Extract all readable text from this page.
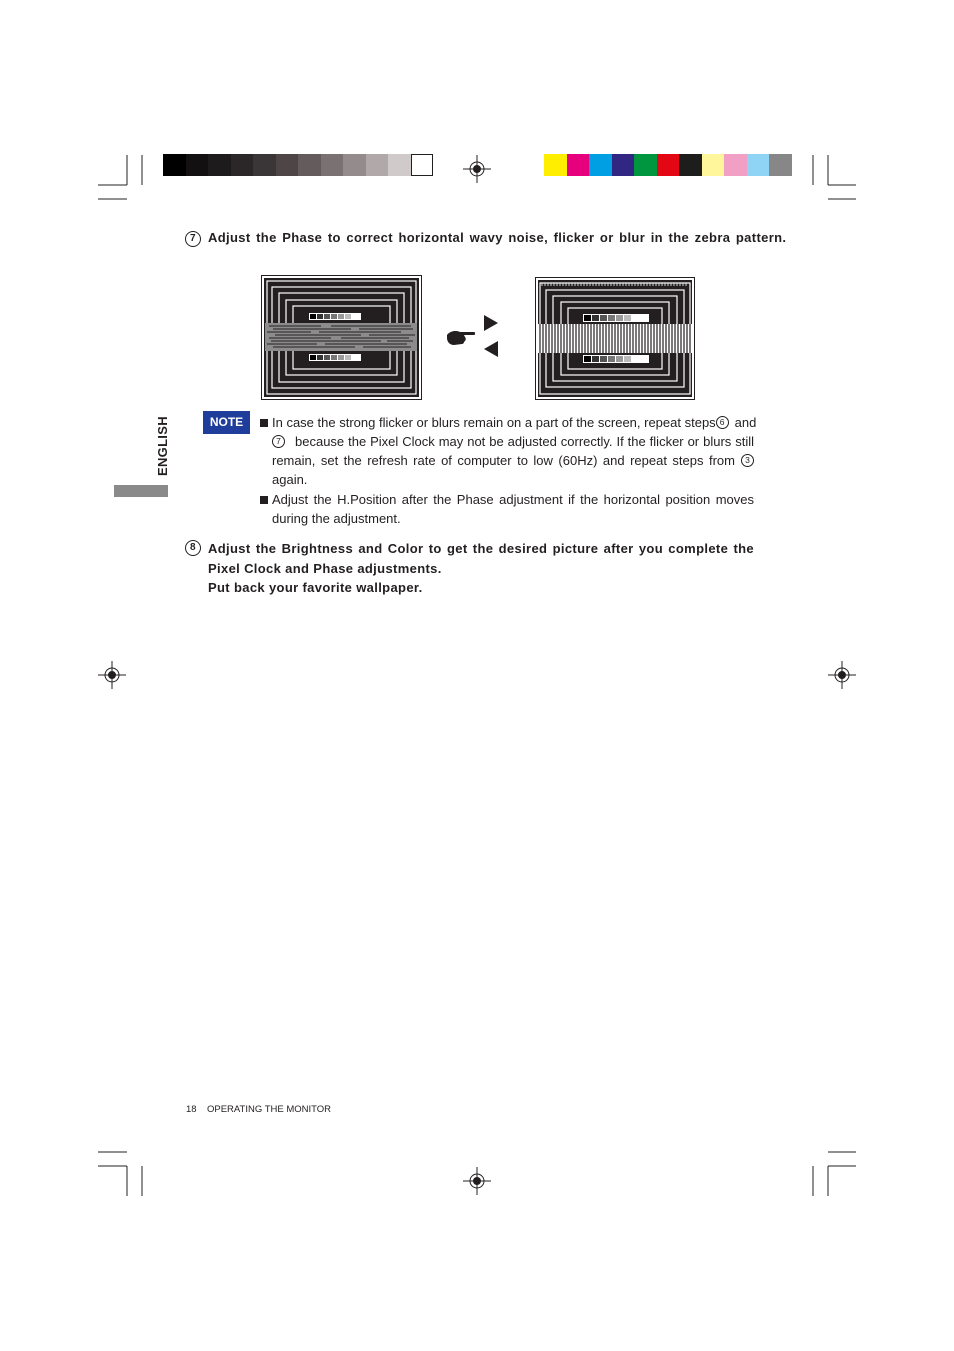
7 Adjust the Phase to correct horizontal wavy noise, flicker or blur in the zebra pattern.
NOTE	In case the strong flicker or blurs remain on a part of the screen, repeat steps 6 and
7	because the Pixel Clock may not be adjusted correctly. If the flicker or blurs still
remain, set the refresh rate of computer to low (60Hz) and repeat steps from	3
again.
Adjust the H.Position after the Phase adjustment if the horizontal position moves
during the adjustment.
8 Adjust the Brightness and Color to get the desired picture after you complete the
Pixel Clock and Phase adjustments.
Put back your favorite wallpaper.
ENGLISH
18 OPERATING THE MONITOR
